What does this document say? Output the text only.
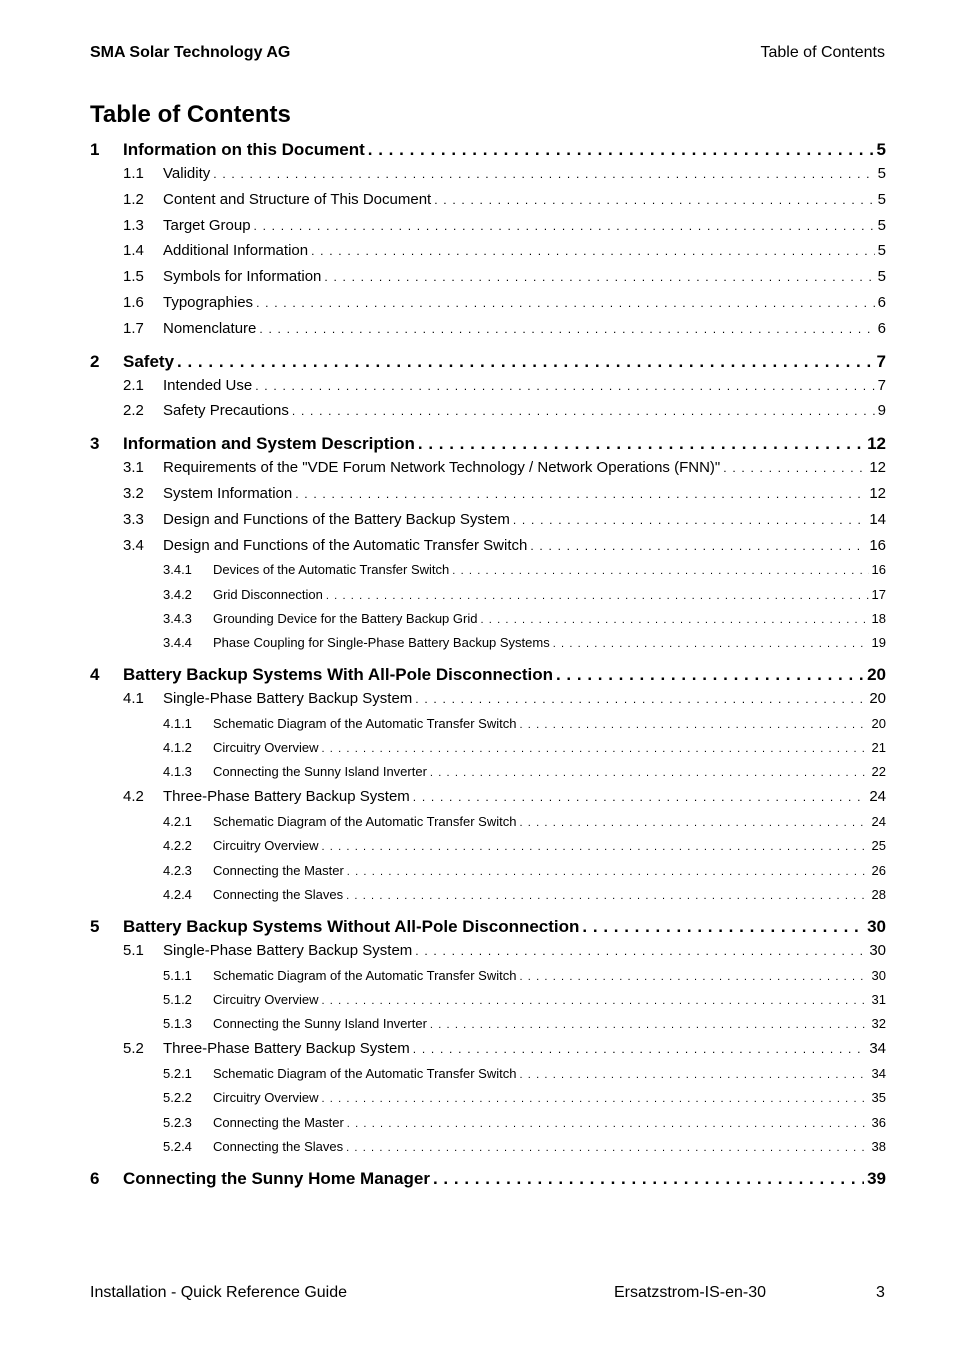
SMA Solar Technology AG	Table of Contents
Table of Contents
1	Information on this Document . . .	5
1.1	Validity . . .	5
1.2	Content and Structure of This Document . . .	5
1.3	Target Group . . .	5
1.4	Additional Information . . .	5
1.5	Symbols for Information . . .	5
1.6	Typographies . . .	6
1.7	Nomenclature . . .	6
2	Safety . . .	7
2.1	Intended Use . . .	7
2.2	Safety Precautions . . .	9
3	Information and System Description . . .	12
3.1	Requirements of the "VDE Forum Network Technology / Network Operations (FNN)" . . .	12
3.2	System Information . . .	12
3.3	Design and Functions of the Battery Backup System . . .	14
3.4	Design and Functions of the Automatic Transfer Switch . . .	16
3.4.1	Devices of the Automatic Transfer Switch . . .	16
3.4.2	Grid Disconnection . . .	17
3.4.3	Grounding Device for the Battery Backup Grid . . .	18
3.4.4	Phase Coupling for Single-Phase Battery Backup Systems . . .	19
4	Battery Backup Systems With All-Pole Disconnection . . .	20
4.1	Single-Phase Battery Backup System . . .	20
4.1.1	Schematic Diagram of the Automatic Transfer Switch . . .	20
4.1.2	Circuitry Overview . . .	21
4.1.3	Connecting the Sunny Island Inverter . . .	22
4.2	Three-Phase Battery Backup System . . .	24
4.2.1	Schematic Diagram of the Automatic Transfer Switch . . .	24
4.2.2	Circuitry Overview . . .	25
4.2.3	Connecting the Master . . .	26
4.2.4	Connecting the Slaves . . .	28
5	Battery Backup Systems Without All-Pole Disconnection . . .	30
5.1	Single-Phase Battery Backup System . . .	30
5.1.1	Schematic Diagram of the Automatic Transfer Switch . . .	30
5.1.2	Circuitry Overview . . .	31
5.1.3	Connecting the Sunny Island Inverter . . .	32
5.2	Three-Phase Battery Backup System . . .	34
5.2.1	Schematic Diagram of the Automatic Transfer Switch . . .	34
5.2.2	Circuitry Overview . . .	35
5.2.3	Connecting the Master . . .	36
5.2.4	Connecting the Slaves . . .	38
6	Connecting the Sunny Home Manager . . .	39
Installation - Quick Reference Guide	Ersatzstrom-IS-en-30	3
